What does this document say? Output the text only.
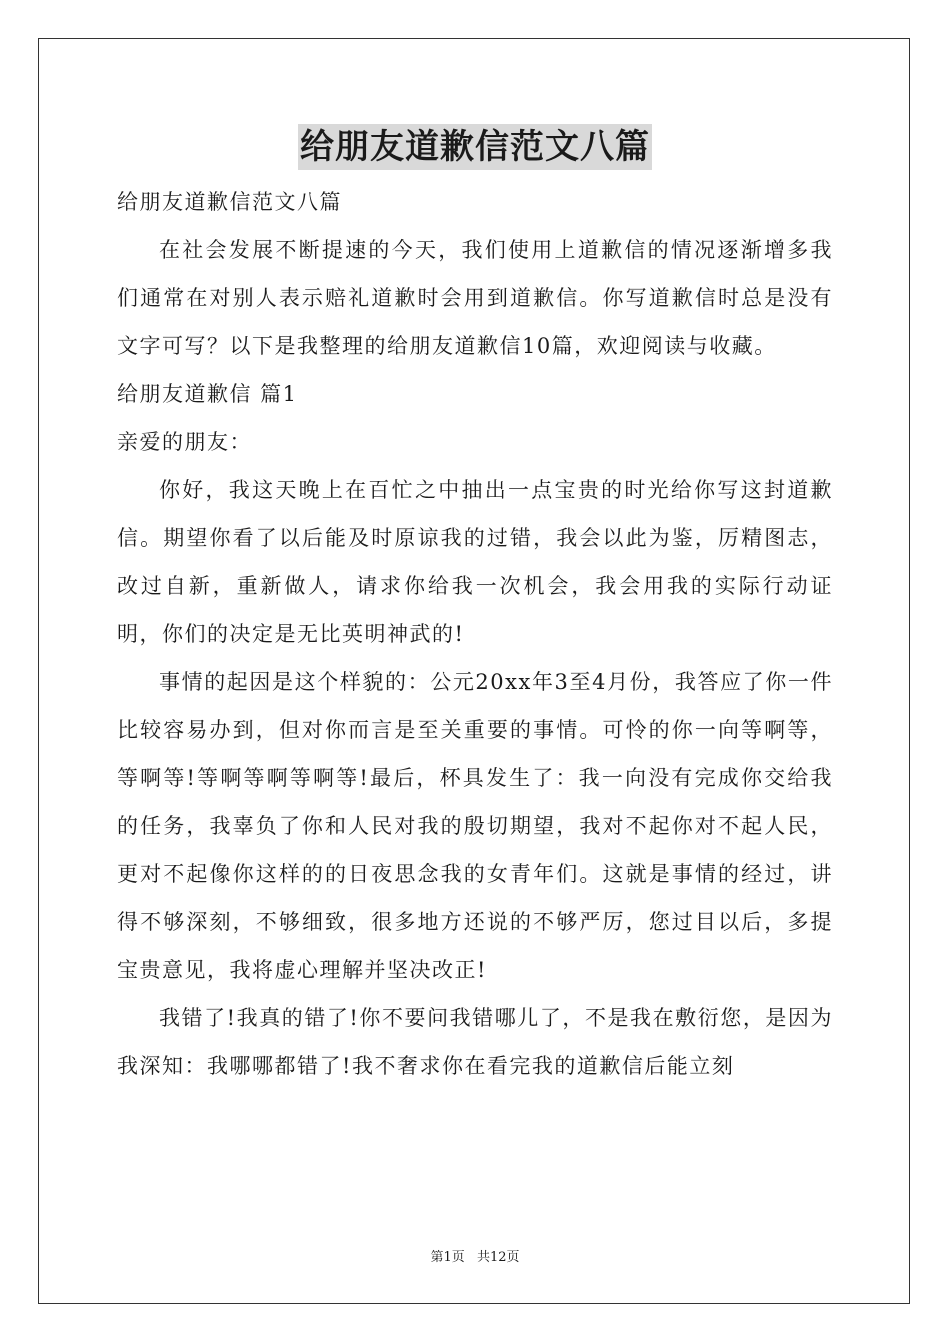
给朋友道歉信范文八篇
给朋友道歉信范文八篇

在社会发展不断提速的今天，我们使用上道歉信的情况逐渐增多我们通常在对别人表示赔礼道歉时会用到道歉信。你写道歉信时总是没有文字可写？以下是我整理的给朋友道歉信10篇，欢迎阅读与收藏。

给朋友道歉信 篇1
亲爱的朋友：

你好，我这天晚上在百忙之中抽出一点宝贵的时光给你写这封道歉信。期望你看了以后能及时原谅我的过错，我会以此为鉴，厉精图志，改过自新，重新做人，请求你给我一次机会，我会用我的实际行动证明，你们的决定是无比英明神武的!

事情的起因是这个样貌的：公元20xx年3至4月份，我答应了你一件比较容易办到，但对你而言是至关重要的事情。可怜的你一向等啊等，等啊等!等啊等啊等啊等!最后，杯具发生了：我一向没有完成你交给我的任务，我辜负了你和人民对我的殷切期望，我对不起你对不起人民，更对不起像你这样的的日夜思念我的女青年们。这就是事情的经过，讲得不够深刻，不够细致，很多地方还说的不够严厉，您过目以后，多提宝贵意见，我将虚心理解并坚决改正!

我错了!我真的错了!你不要问我错哪儿了，不是我在敷衍您，是因为我深知：我哪哪都错了!我不奢求你在看完我的道歉信后能立刻

第1页 共12页
